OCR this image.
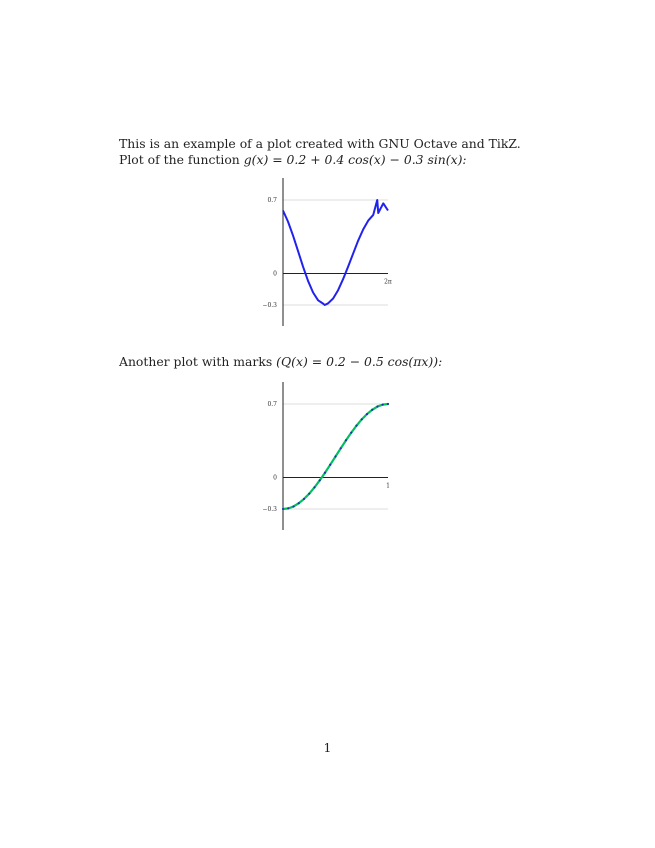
This is an example of a plot created with GNU Octave and TikZ.
Plot of the function g(x) = 0.2 + 0.4 cos(x) − 0.3 sin(x):
−0.3
0
0.7
2π
Another plot with marks (Q(x) = 0.2 − 0.5 cos(πx)):
−0.3
0
0.7
1
1
